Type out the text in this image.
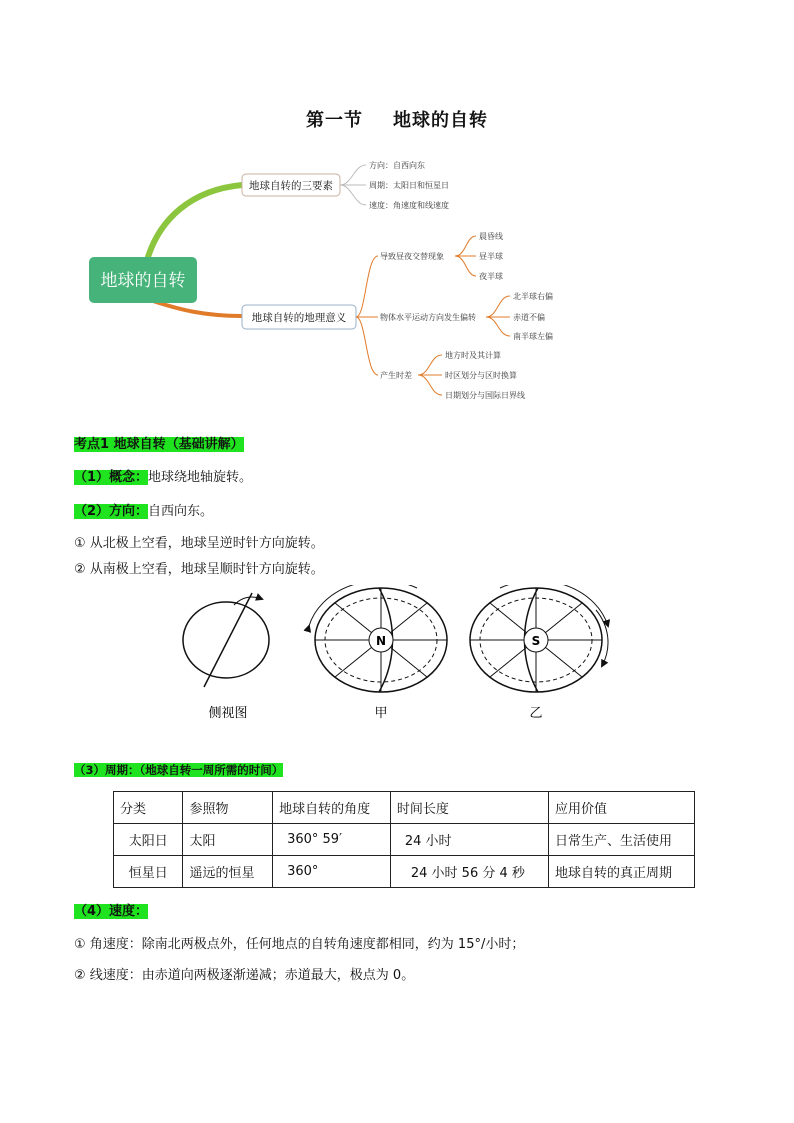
第一节 地球的自转
地球的自转
地球自转的三要素
方向：自西向东
周期：太阳日和恒星日
速度：角速度和线速度
地球自转的地理意义
导致昼夜交替现象
晨昏线
昼半球
夜半球
物体水平运动方向发生偏转
北半球右偏
赤道不偏
南半球左偏
产生时差
地方时及其计算
时区划分与区时换算
日期划分与国际日界线
考点1 地球自转（基础讲解）
（1）概念：地球绕地轴旋转。
（2）方向：自西向东。
① 从北极上空看，地球呈逆时针方向旋转。
② 从南极上空看，地球呈顺时针方向旋转。
侧视图
N
甲
S
乙
（3）周期：（地球自转一周所需的时间）
分类	参照物	地球自转的角度	时间长度	应用价值
太阳日	太阳	360° 59′	24 小时	日常生产、生活使用
恒星日	遥远的恒星	360°	24 小时 56 分 4 秒	地球自转的真正周期
（4）速度：
① 角速度：除南北两极点外，任何地点的自转角速度都相同，约为 15°/小时；
② 线速度：由赤道向两极逐渐递减；赤道最大，极点为 0。
